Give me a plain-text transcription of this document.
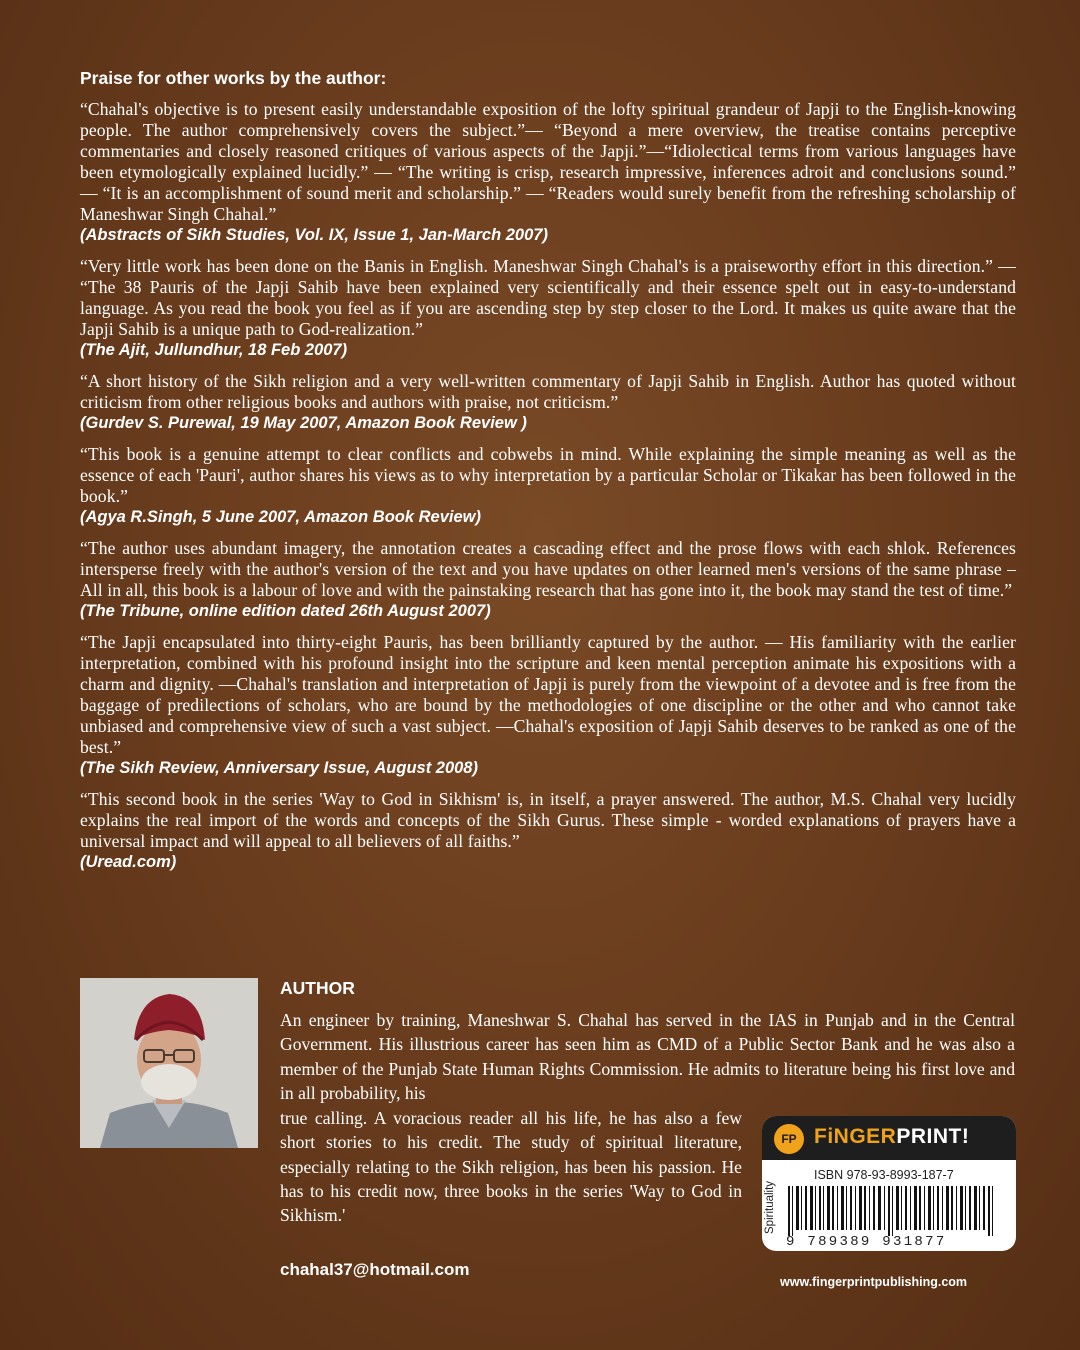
Praise for other works by the author:

“Chahal's objective is to present easily understandable exposition of the lofty spiritual grandeur of Japji to the English-knowing people. The author comprehensively covers the subject.”— “Beyond a mere overview, the treatise contains perceptive commentaries and closely reasoned critiques of various aspects of the Japji.”—“Idiolectical terms from various languages have been etymologically explained lucidly.” — “The writing is crisp, research impressive, inferences adroit and conclusions sound.” — “It is an accomplishment of sound merit and scholarship.” — “Readers would surely benefit from the refreshing scholarship of Maneshwar Singh Chahal.”

(Abstracts of Sikh Studies, Vol. IX, Issue 1, Jan-March 2007)

“Very little work has been done on the Banis in English. Maneshwar Singh Chahal's is a praiseworthy effort in this direction.” — “The 38 Pauris of the Japji Sahib have been explained very scientifically and their essence spelt out in easy-to-understand language. As you read the book you feel as if you are ascending step by step closer to the Lord. It makes us quite aware that the Japji Sahib is a unique path to God-realization.”

(The Ajit, Jullundhur, 18 Feb 2007)

“A short history of the Sikh religion and a very well-written commentary of Japji Sahib in English. Author has quoted without criticism from other religious books and authors with praise, not criticism.”

(Gurdev S. Purewal, 19 May 2007, Amazon Book Review )

“This book is a genuine attempt to clear conflicts and cobwebs in mind. While explaining the simple meaning as well as the essence of each 'Pauri', author shares his views as to why interpretation by a particular Scholar or Tikakar has been followed in the book.”

(Agya R.Singh, 5 June 2007, Amazon Book Review)

“The author uses abundant imagery, the annotation creates a cascading effect and the prose flows with each shlok. References intersperse freely with the author's version of the text and you have updates on other learned men's versions of the same phrase – All in all, this book is a labour of love and with the painstaking research that has gone into it, the book may stand the test of time.”

(The Tribune, online edition dated 26th August 2007)

“The Japji encapsulated into thirty-eight Pauris, has been brilliantly captured by the author. — His familiarity with the earlier interpretation, combined with his profound insight into the scripture and keen mental perception animate his expositions with a charm and dignity. —Chahal's translation and interpretation of Japji is purely from the viewpoint of a devotee and is free from the baggage of predilections of scholars, who are bound by the methodologies of one discipline or the other and who cannot take unbiased and comprehensive view of such a vast subject. —Chahal's exposition of Japji Sahib deserves to be ranked as one of the best.”

(The Sikh Review, Anniversary Issue, August 2008)

“This second book in the series 'Way to God in Sikhism' is, in itself, a prayer answered. The author, M.S. Chahal very lucidly explains the real import of the words and concepts of the Sikh Gurus. These simple - worded explanations of prayers have a universal impact and will appeal to all believers of all faiths.”

(Uread.com)

AUTHOR
An engineer by training, Maneshwar S. Chahal has served in the IAS in Punjab and in the Central Government. His illustrious career has seen him as CMD of a Public Sector Bank and he was also a member of the Punjab State Human Rights Commission. He admits to literature being his first love and in all probability, his
true calling. A voracious reader all his life, he has also a few short stories to his credit. The study of spiritual literature, especially relating to the Sikh religion, has been his passion. He has to his credit now, three books in the series 'Way to God in Sikhism.'
chahal37@hotmail.com
FP FiNGERPRINT!
ISBN 978-93-8993-187-7
Spirituality
9 789389 931877
www.fingerprintpublishing.com
